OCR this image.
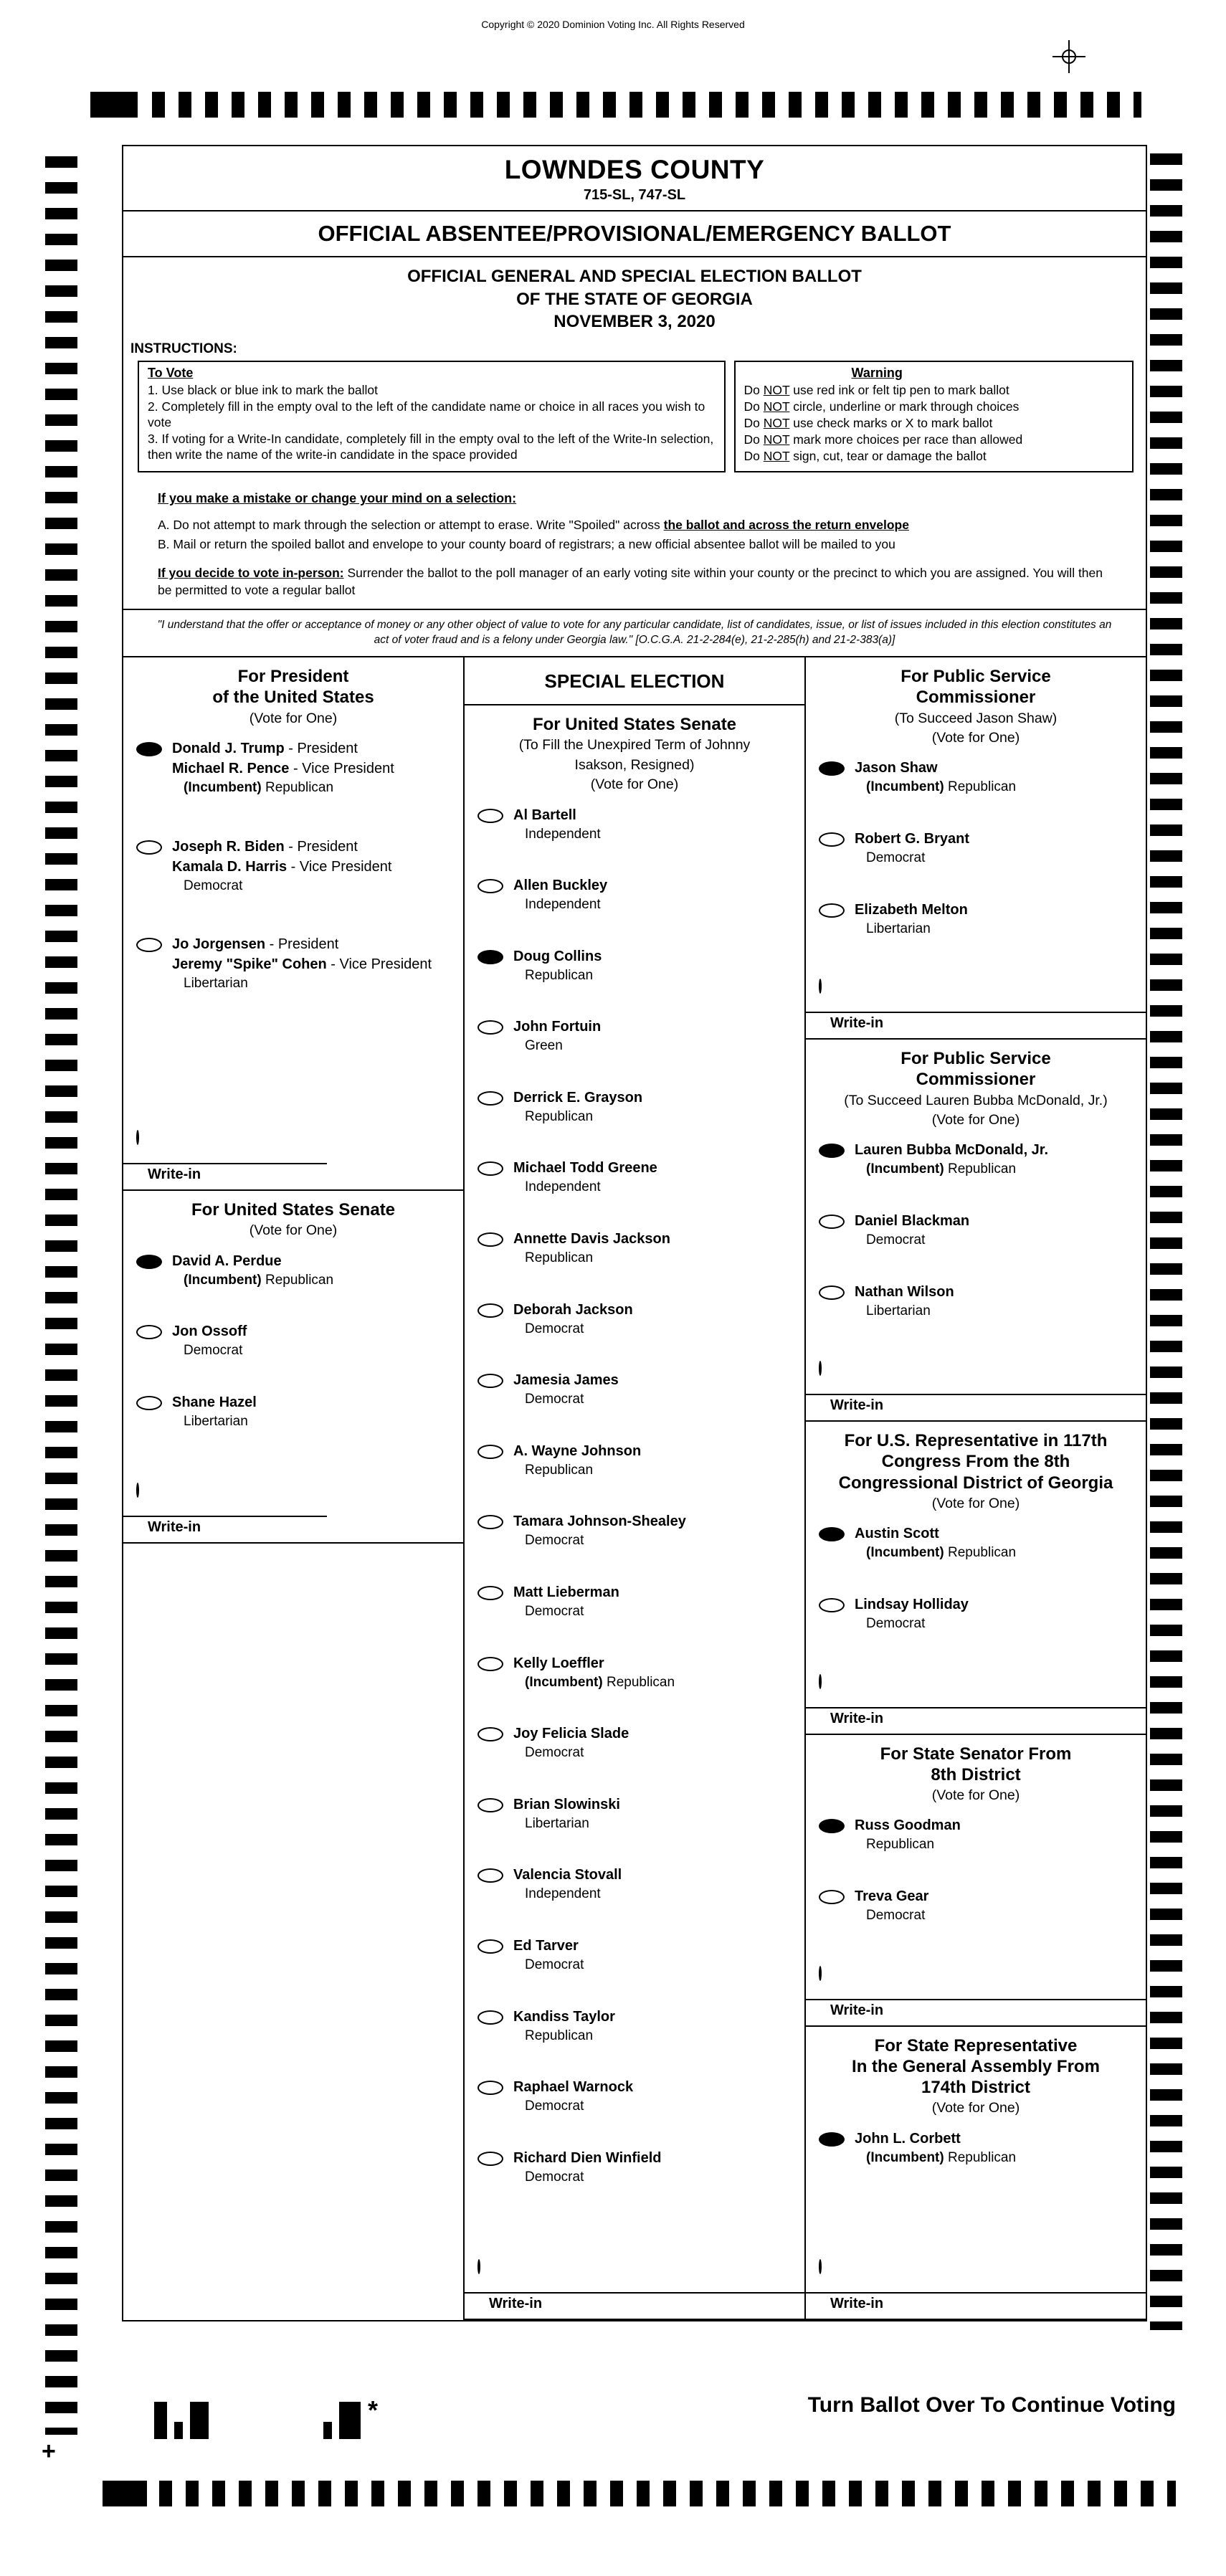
Copyright © 2020 Dominion Voting Inc. All Rights Reserved
LOWNDES COUNTY
715-SL, 747-SL
OFFICIAL ABSENTEE/PROVISIONAL/EMERGENCY BALLOT
OFFICIAL GENERAL AND SPECIAL ELECTION BALLOT
OF THE STATE OF GEORGIA
NOVEMBER 3, 2020
INSTRUCTIONS:
To Vote
1. Use black or blue ink to mark the ballot
2. Completely fill in the empty oval to the left of the candidate name or choice in all races you wish to vote
3. If voting for a Write-In candidate, completely fill in the empty oval to the left of the Write-In selection, then write the name of the write-in candidate in the space provided
Warning
Do NOT use red ink or felt tip pen to mark ballot
Do NOT circle, underline or mark through choices
Do NOT use check marks or X to mark ballot
Do NOT mark more choices per race than allowed
Do NOT sign, cut, tear or damage the ballot
If you make a mistake or change your mind on a selection:
A. Do not attempt to mark through the selection or attempt to erase. Write "Spoiled" across the ballot and across the return envelope
B. Mail or return the spoiled ballot and envelope to your county board of registrars; a new official absentee ballot will be mailed to you
If you decide to vote in-person: Surrender the ballot to the poll manager of an early voting site within your county or the precinct to which you are assigned. You will then be permitted to vote a regular ballot
"I understand that the offer or acceptance of money or any other object of value to vote for any particular candidate, list of candidates, issue, or list of issues included in this election constitutes an act of voter fraud and is a felony under Georgia law." [O.C.G.A. 21-2-284(e), 21-2-285(h) and 21-2-383(a)]
For President
of the United States
(Vote for One)
Donald J. Trump - President
Michael R. Pence - Vice President
(Incumbent) Republican
Joseph R. Biden - President
Kamala D. Harris - Vice President
Democrat
Jo Jorgensen - President
Jeremy "Spike" Cohen - Vice President
Libertarian
Write-in
For United States Senate
(Vote for One)
David A. Perdue
(Incumbent) Republican
Jon Ossoff
Democrat
Shane Hazel
Libertarian
Write-in
SPECIAL ELECTION
For United States Senate
(To Fill the Unexpired Term of Johnny
Isakson, Resigned)
(Vote for One)
Al Bartell
Independent
Allen Buckley
Independent
Doug Collins
Republican
John Fortuin
Green
Derrick E. Grayson
Republican
Michael Todd Greene
Independent
Annette Davis Jackson
Republican
Deborah Jackson
Democrat
Jamesia James
Democrat
A. Wayne Johnson
Republican
Tamara Johnson-Shealey
Democrat
Matt Lieberman
Democrat
Kelly Loeffler
(Incumbent) Republican
Joy Felicia Slade
Democrat
Brian Slowinski
Libertarian
Valencia Stovall
Independent
Ed Tarver
Democrat
Kandiss Taylor
Republican
Raphael Warnock
Democrat
Richard Dien Winfield
Democrat
Write-in
For Public Service
Commissioner
(To Succeed Jason Shaw)
(Vote for One)
Jason Shaw
(Incumbent) Republican
Robert G. Bryant
Democrat
Elizabeth Melton
Libertarian
Write-in
For Public Service
Commissioner
(To Succeed Lauren Bubba McDonald, Jr.)
(Vote for One)
Lauren Bubba McDonald, Jr.
(Incumbent) Republican
Daniel Blackman
Democrat
Nathan Wilson
Libertarian
Write-in
For U.S. Representative in 117th
Congress From the 8th
Congressional District of Georgia
(Vote for One)
Austin Scott
(Incumbent) Republican
Lindsay Holliday
Democrat
Write-in
For State Senator From
8th District
(Vote for One)
Russ Goodman
Republican
Treva Gear
Democrat
Write-in
For State Representative
In the General Assembly From
174th District
(Vote for One)
John L. Corbett
(Incumbent) Republican
Write-in
*
+
Turn Ballot Over To Continue Voting
